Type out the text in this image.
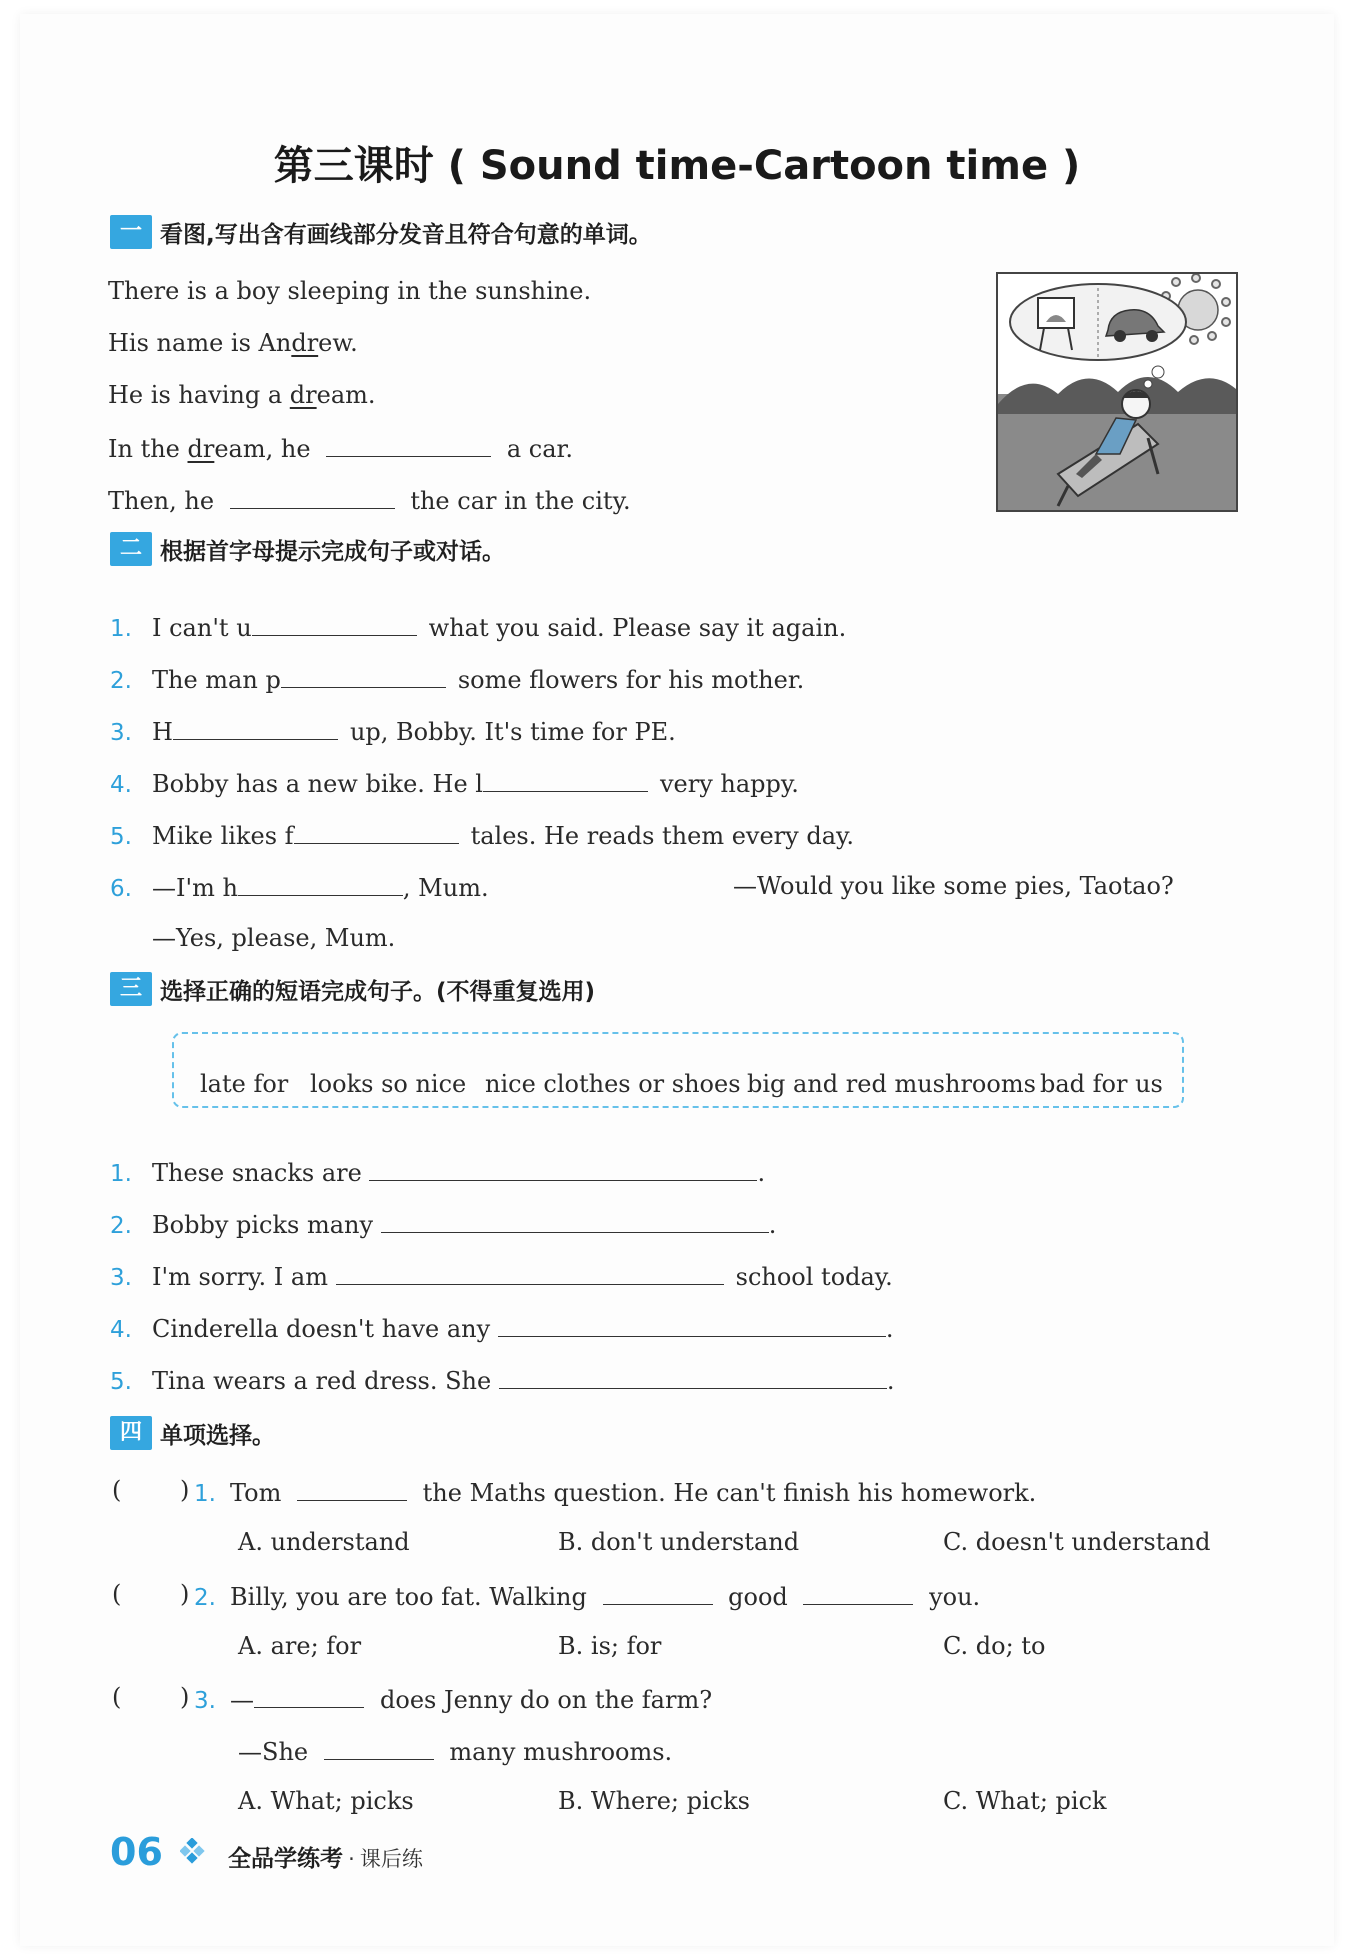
第三课时 ( Sound time-Cartoon time )
一 看图,写出含有画线部分发音且符合句意的单词。
There is a boy sleeping in the sunshine.
His name is Andrew.
He is having a dream.
In the dream, he	a car.
Then, he	the car in the city.
二 根据首字母提示完成句子或对话。
1. I can't u	what you said. Please say it again.
2. The man p	some flowers for his mother.
3. H	up, Bobby. It's time for PE.
4. Bobby has a new bike. He l	very happy.
5. Mike likes f	tales. He reads them every day.
6. —I'm h	, Mum.	—Would you like some pies, Taotao?
—Yes, please, Mum.
三 选择正确的短语完成句子。(不得重复选用)
late for looks so nice nice clothes or shoes big and red mushrooms bad for us
1. These snacks are	.
2. Bobby picks many	.
3. I'm sorry. I am	school today.
4. Cinderella doesn't have any	.
5. Tina wears a red dress. She	.
四 单项选择。
( ) 1. Tom	the Maths question. He can't finish his homework.
A. understand	B. don't understand	C. doesn't understand
( ) 2. Billy, you are too fat. Walking	good	you.
A. are; for	B. is; for	C. do; to
( ) 3. —	does Jenny do on the farm?
—She	many mushrooms.
A. What; picks	B. Where; picks	C. What; pick
06	全品学练考 · 课后练
